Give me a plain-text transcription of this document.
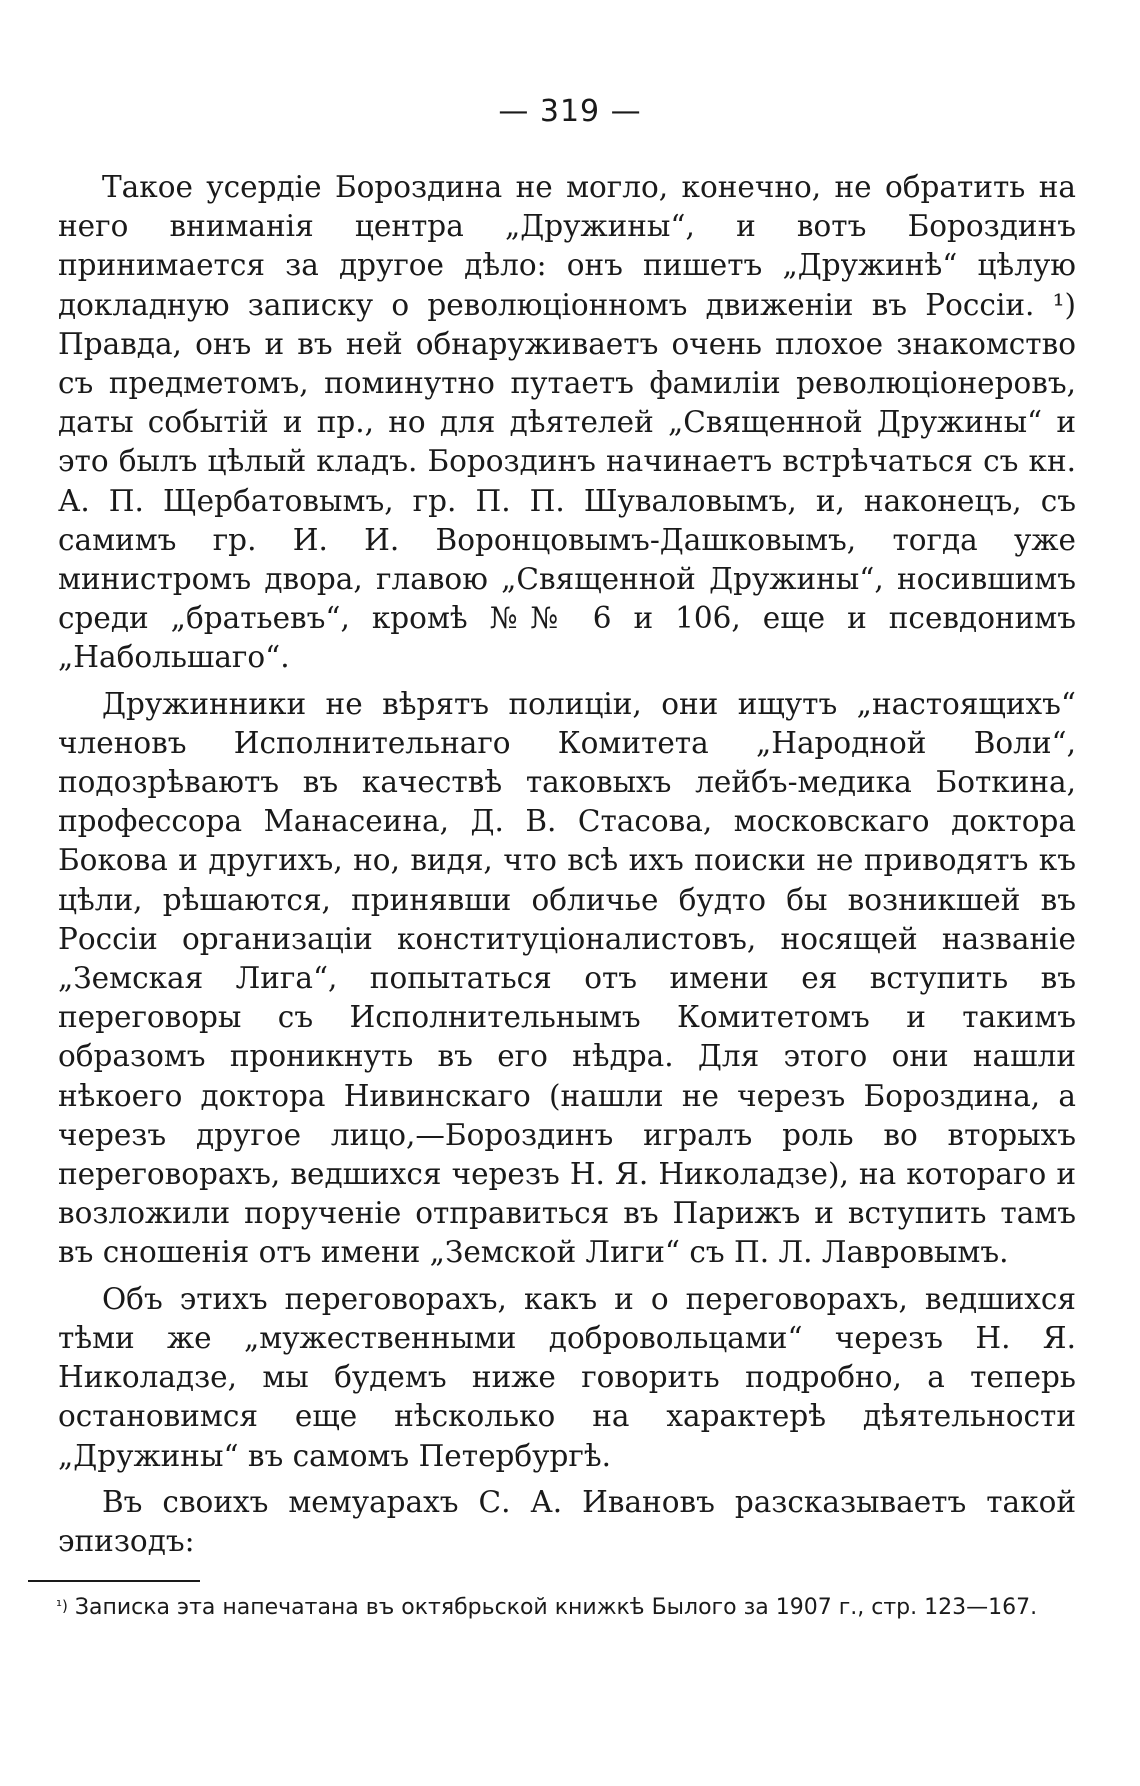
— 319 —

Такое усердіе Бороздина не могло, конечно, не обратить на него вниманія центра „Дружины“, и вотъ Бороздинъ принимается за другое дѣло: онъ пишетъ „Дружинѣ“ цѣлую докладную записку о революціонномъ движеніи въ Россіи. ¹) Правда, онъ и въ ней обнаруживаетъ очень плохое знакомство съ предметомъ, поминутно путаетъ фамиліи революціонеровъ, даты событій и пр., но для дѣятелей „Священной Дружины“ и это былъ цѣлый кладъ. Бороздинъ начинаетъ встрѣчаться съ кн. А. П. Щербатовымъ, гр. П. П. Шуваловымъ, и, наконецъ, съ самимъ гр. И. И. Воронцовымъ-Дашковымъ, тогда уже министромъ двора, главою „Священной Дружины“, носившимъ среди „братьевъ“, кромѣ №№ 6 и 106, еще и псевдонимъ „Набольшаго“.

Дружинники не вѣрятъ полиціи, они ищутъ „настоящихъ“ членовъ Исполнительнаго Комитета „Народной Воли“, подозрѣваютъ въ качествѣ таковыхъ лейбъ-медика Боткина, профессора Манасеина, Д. В. Стасова, московскаго доктора Бокова и другихъ, но, видя, что всѣ ихъ поиски не приводятъ къ цѣли, рѣшаются, принявши обличье будто бы возникшей въ Россіи организаціи конституціоналистовъ, носящей названіе „Земская Лига“, попытаться отъ имени ея вступить въ переговоры съ Исполнительнымъ Комитетомъ и такимъ образомъ проникнуть въ его нѣдра. Для этого они нашли нѣкоего доктора Нивинскаго (нашли не черезъ Бороздина, а черезъ другое лицо,—Бороздинъ игралъ роль во вторыхъ переговорахъ, ведшихся черезъ Н. Я. Николадзе), на котораго и возложили порученіе отправиться въ Парижъ и вступить тамъ въ сношенія отъ имени „Земской Лиги“ съ П. Л. Лавровымъ.

Объ этихъ переговорахъ, какъ и о переговорахъ, ведшихся тѣми же „мужественными добровольцами“ черезъ Н. Я. Николадзе, мы будемъ ниже говорить подробно, а теперь остановимся еще нѣсколько на характерѣ дѣятельности „Дружины“ въ самомъ Петербургѣ.

Въ своихъ мемуарахъ С. А. Ивановъ разсказываетъ такой эпизодъ:

$^{^1)}$ Записка эта напечатана въ октябрьской книжкѣ Былого за 1907 г., стр. 123—167.
